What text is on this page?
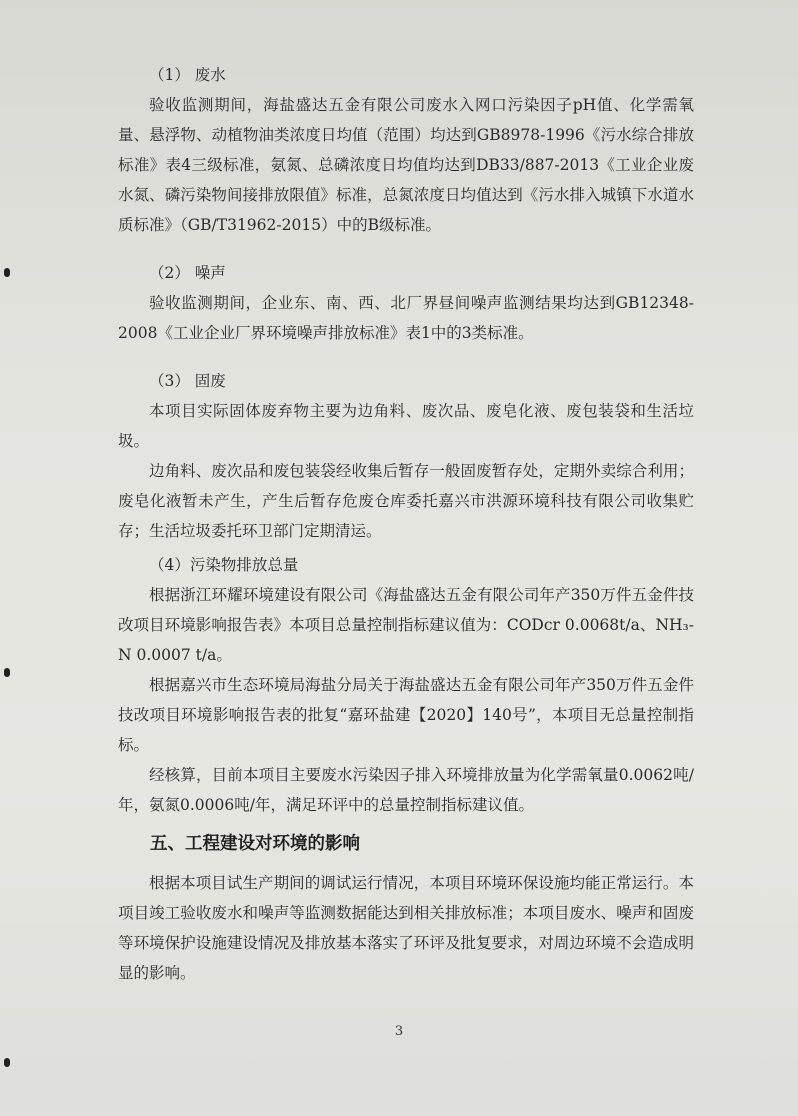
（1） 废水

验收监测期间，海盐盛达五金有限公司废水入网口污染因子pH值、化学需氧量、悬浮物、动植物油类浓度日均值（范围）均达到GB8978-1996《污水综合排放标准》表4三级标准，氨氮、总磷浓度日均值均达到DB33/887-2013《工业企业废水氮、磷污染物间接排放限值》标准，总氮浓度日均值达到《污水排入城镇下水道水质标准》（GB/T31962-2015）中的B级标准。

（2） 噪声

验收监测期间，企业东、南、西、北厂界昼间噪声监测结果均达到GB12348-2008《工业企业厂界环境噪声排放标准》表1中的3类标准。

（3） 固废

本项目实际固体废弃物主要为边角料、废次品、废皂化液、废包装袋和生活垃圾。

边角料、废次品和废包装袋经收集后暂存一般固废暂存处，定期外卖综合利用；废皂化液暂未产生，产生后暂存危废仓库委托嘉兴市洪源环境科技有限公司收集贮存；生活垃圾委托环卫部门定期清运。

（4）污染物排放总量

根据浙江环耀环境建设有限公司《海盐盛达五金有限公司年产350万件五金件技改项目环境影响报告表》本项目总量控制指标建议值为：CODcr 0.0068t/a、NH₃-N 0.0007 t/a。

根据嘉兴市生态环境局海盐分局关于海盐盛达五金有限公司年产350万件五金件技改项目环境影响报告表的批复“嘉环盐建【2020】140号”，本项目无总量控制指标。

经核算，目前本项目主要废水污染因子排入环境排放量为化学需氧量0.0062吨/年，氨氮0.0006吨/年，满足环评中的总量控制指标建议值。

五、工程建设对环境的影响

根据本项目试生产期间的调试运行情况，本项目环境环保设施均能正常运行。本项目竣工验收废水和噪声等监测数据能达到相关排放标准；本项目废水、噪声和固废等环境保护设施建设情况及排放基本落实了环评及批复要求，对周边环境不会造成明显的影响。

3
